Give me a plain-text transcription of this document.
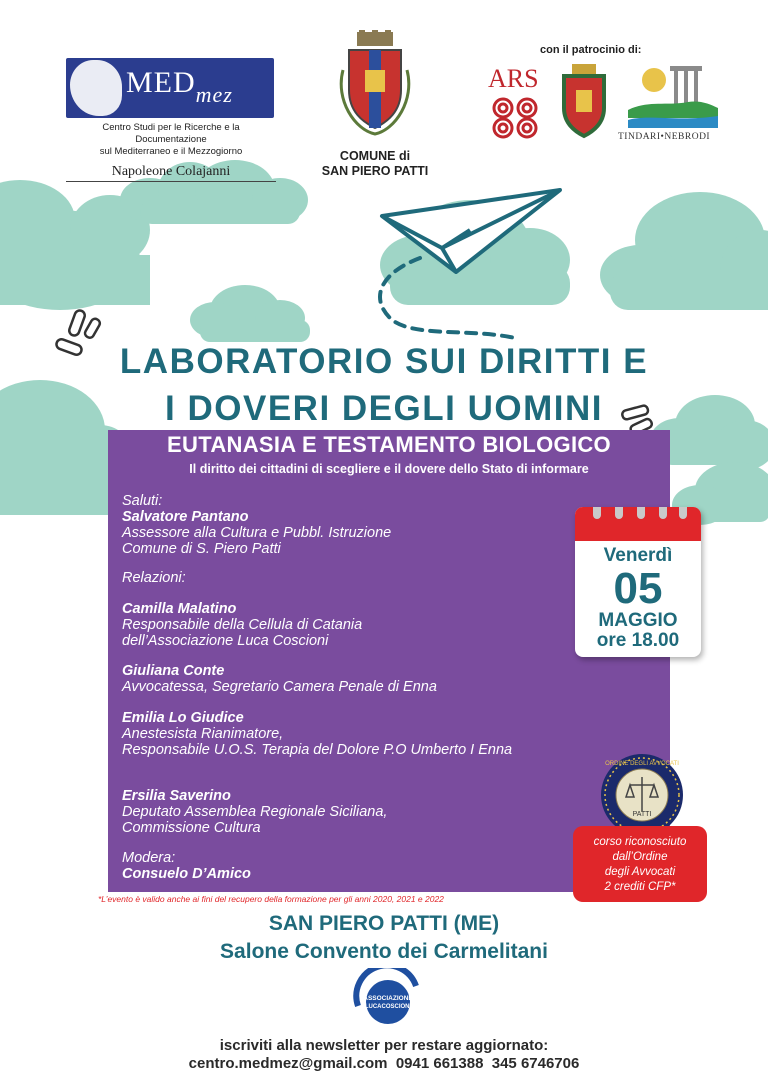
$MED_{mez}$
Centro Studi per le Ricerche e la Documentazione
sul Mediterraneo e il Mezzogiorno
Napoleone Colajanni
COMUNE di
SAN PIERO PATTI
con il patrocinio di:
ARS
TINDARI•NEBRODI
LABORATORIO SUI DIRITTI E
I DOVERI DEGLI UOMINI
EUTANASIA E TESTAMENTO BIOLOGICO
Il diritto dei cittadini di scegliere e il dovere dello Stato di informare
Saluti:
Salvatore Pantano
Assessore alla Cultura e Pubbl. Istruzione
Comune di S. Piero Patti
Relazioni:
Camilla Malatino
Responsabile della Cellula di Catania
dell’Associazione Luca Coscioni
Giuliana Conte
Avvocatessa, Segretario Camera Penale di Enna
Emilia Lo Giudice
Anestesista Rianimatore,
Responsabile U.O.S. Terapia del Dolore P.O Umberto I Enna
Ersilia Saverino
Deputato Assemblea Regionale Siciliana,
Commissione Cultura
Modera:
Consuelo D’Amico
Venerdì
05
MAGGIO
ore 18.00
PATTI
ORDINE DEGLI AVVOCATI
corso riconosciuto
dall’Ordine
degli Avvocati
2 crediti CFP*
*L’evento è valido anche ai fini del recupero della formazione per gli anni 2020, 2021 e 2022
SAN PIERO PATTI (ME)
Salone Convento dei Carmelitani
ASSOCIAZIONE
LUCACOSCIONI
iscriviti alla newsletter per restare aggiornato:
centro.medmez@gmail.com  0941 661388  345 6746706
